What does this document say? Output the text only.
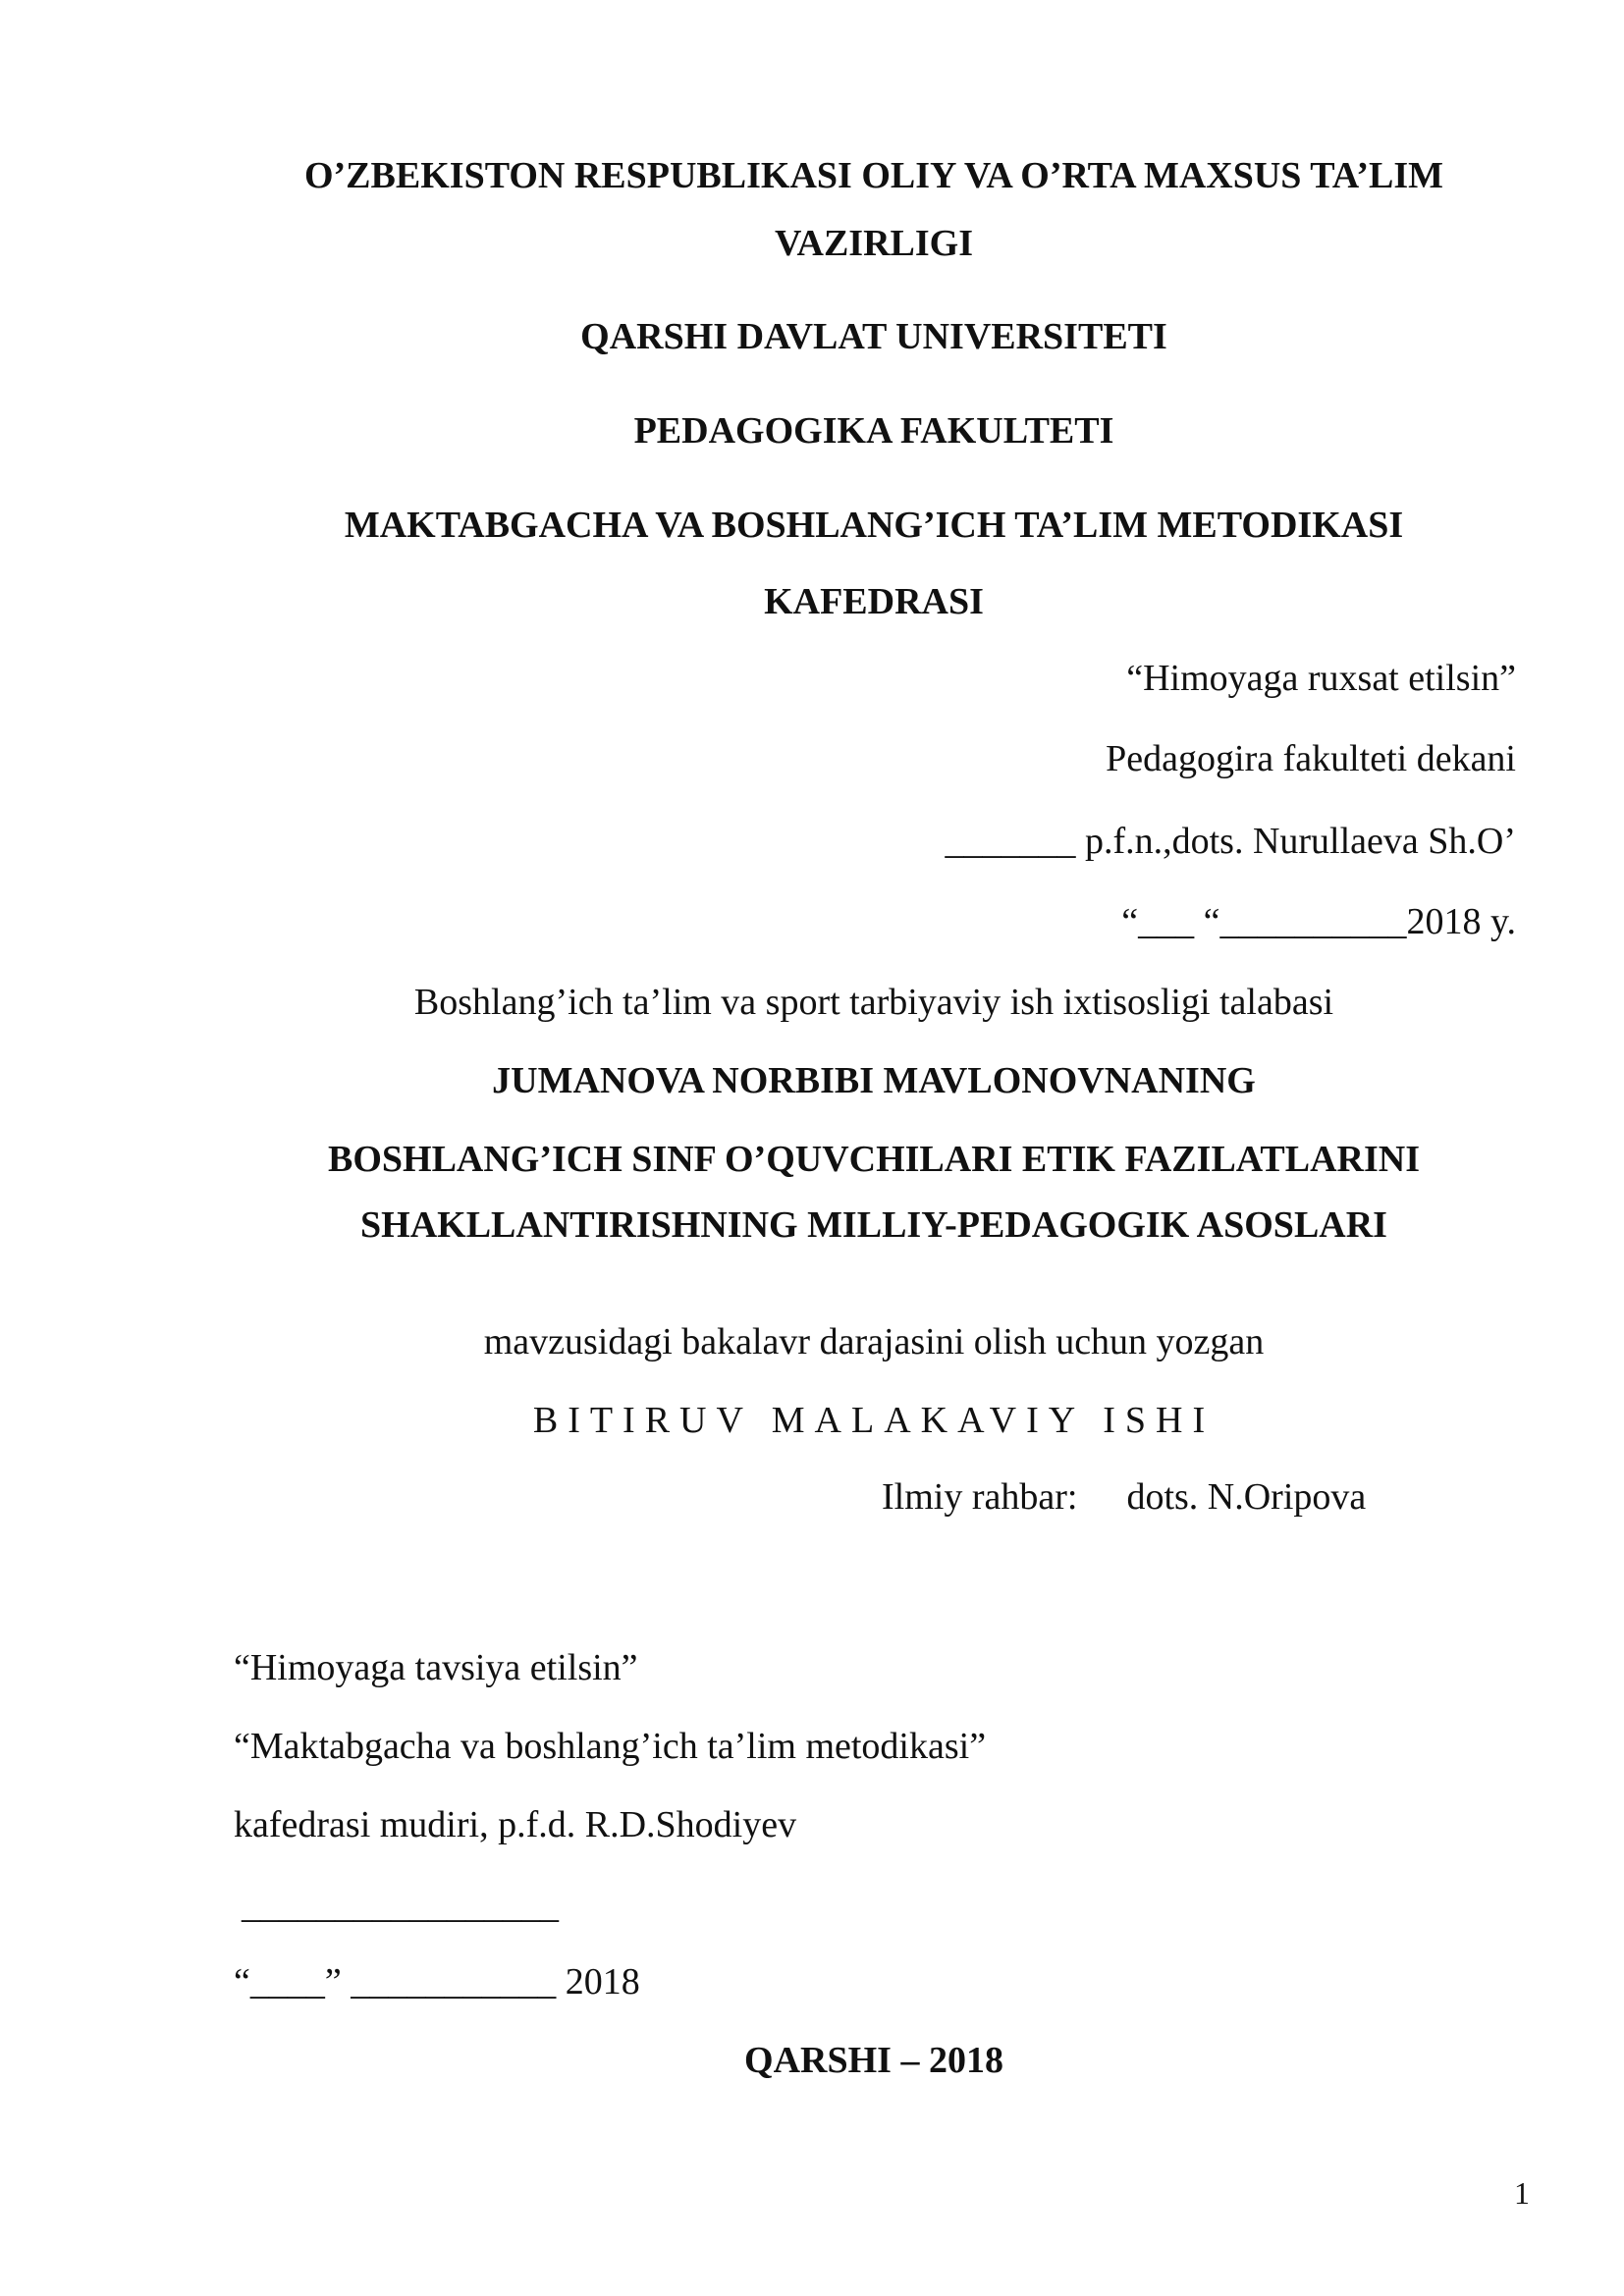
O’ZBEKISTON RESPUBLIKASI OLIY VA O’RTA MAXSUS TA’LIM
VAZIRLIGI
QARSHI DAVLAT UNIVERSITETI
PEDAGOGIKA FAKULTETI
MAKTABGACHA VA BOSHLANG’ICH TA’LIM METODIKASI
KAFEDRASI
“Himoyaga ruxsat etilsin”
Pedagogira fakulteti dekani
_______ p.f.n.,dots. Nurullaeva Sh.O’
“___ “__________2018 y.
Boshlang’ich ta’lim va sport tarbiyaviy ish ixtisosligi talabasi
JUMANOVA NORBIBI MAVLONOVNANING
BOSHLANG’ICH SINF O’QUVCHILARI ETIK FAZILATLARINI
SHAKLLANTIRISHNING MILLIY-PEDAGOGIK ASOSLARI
mavzusidagi bakalavr darajasini olish uchun yozgan
BITIRUV MALAKAVIY ISHI
Ilmiy rahbar: dots. N.Oripova
“Himoyaga tavsiya etilsin”
“Maktabgacha va boshlang’ich ta’lim metodikasi”
kafedrasi mudiri, p.f.d. R.D.Shodiyev
_________________
“____” ___________ 2018
QARSHI – 2018
1
